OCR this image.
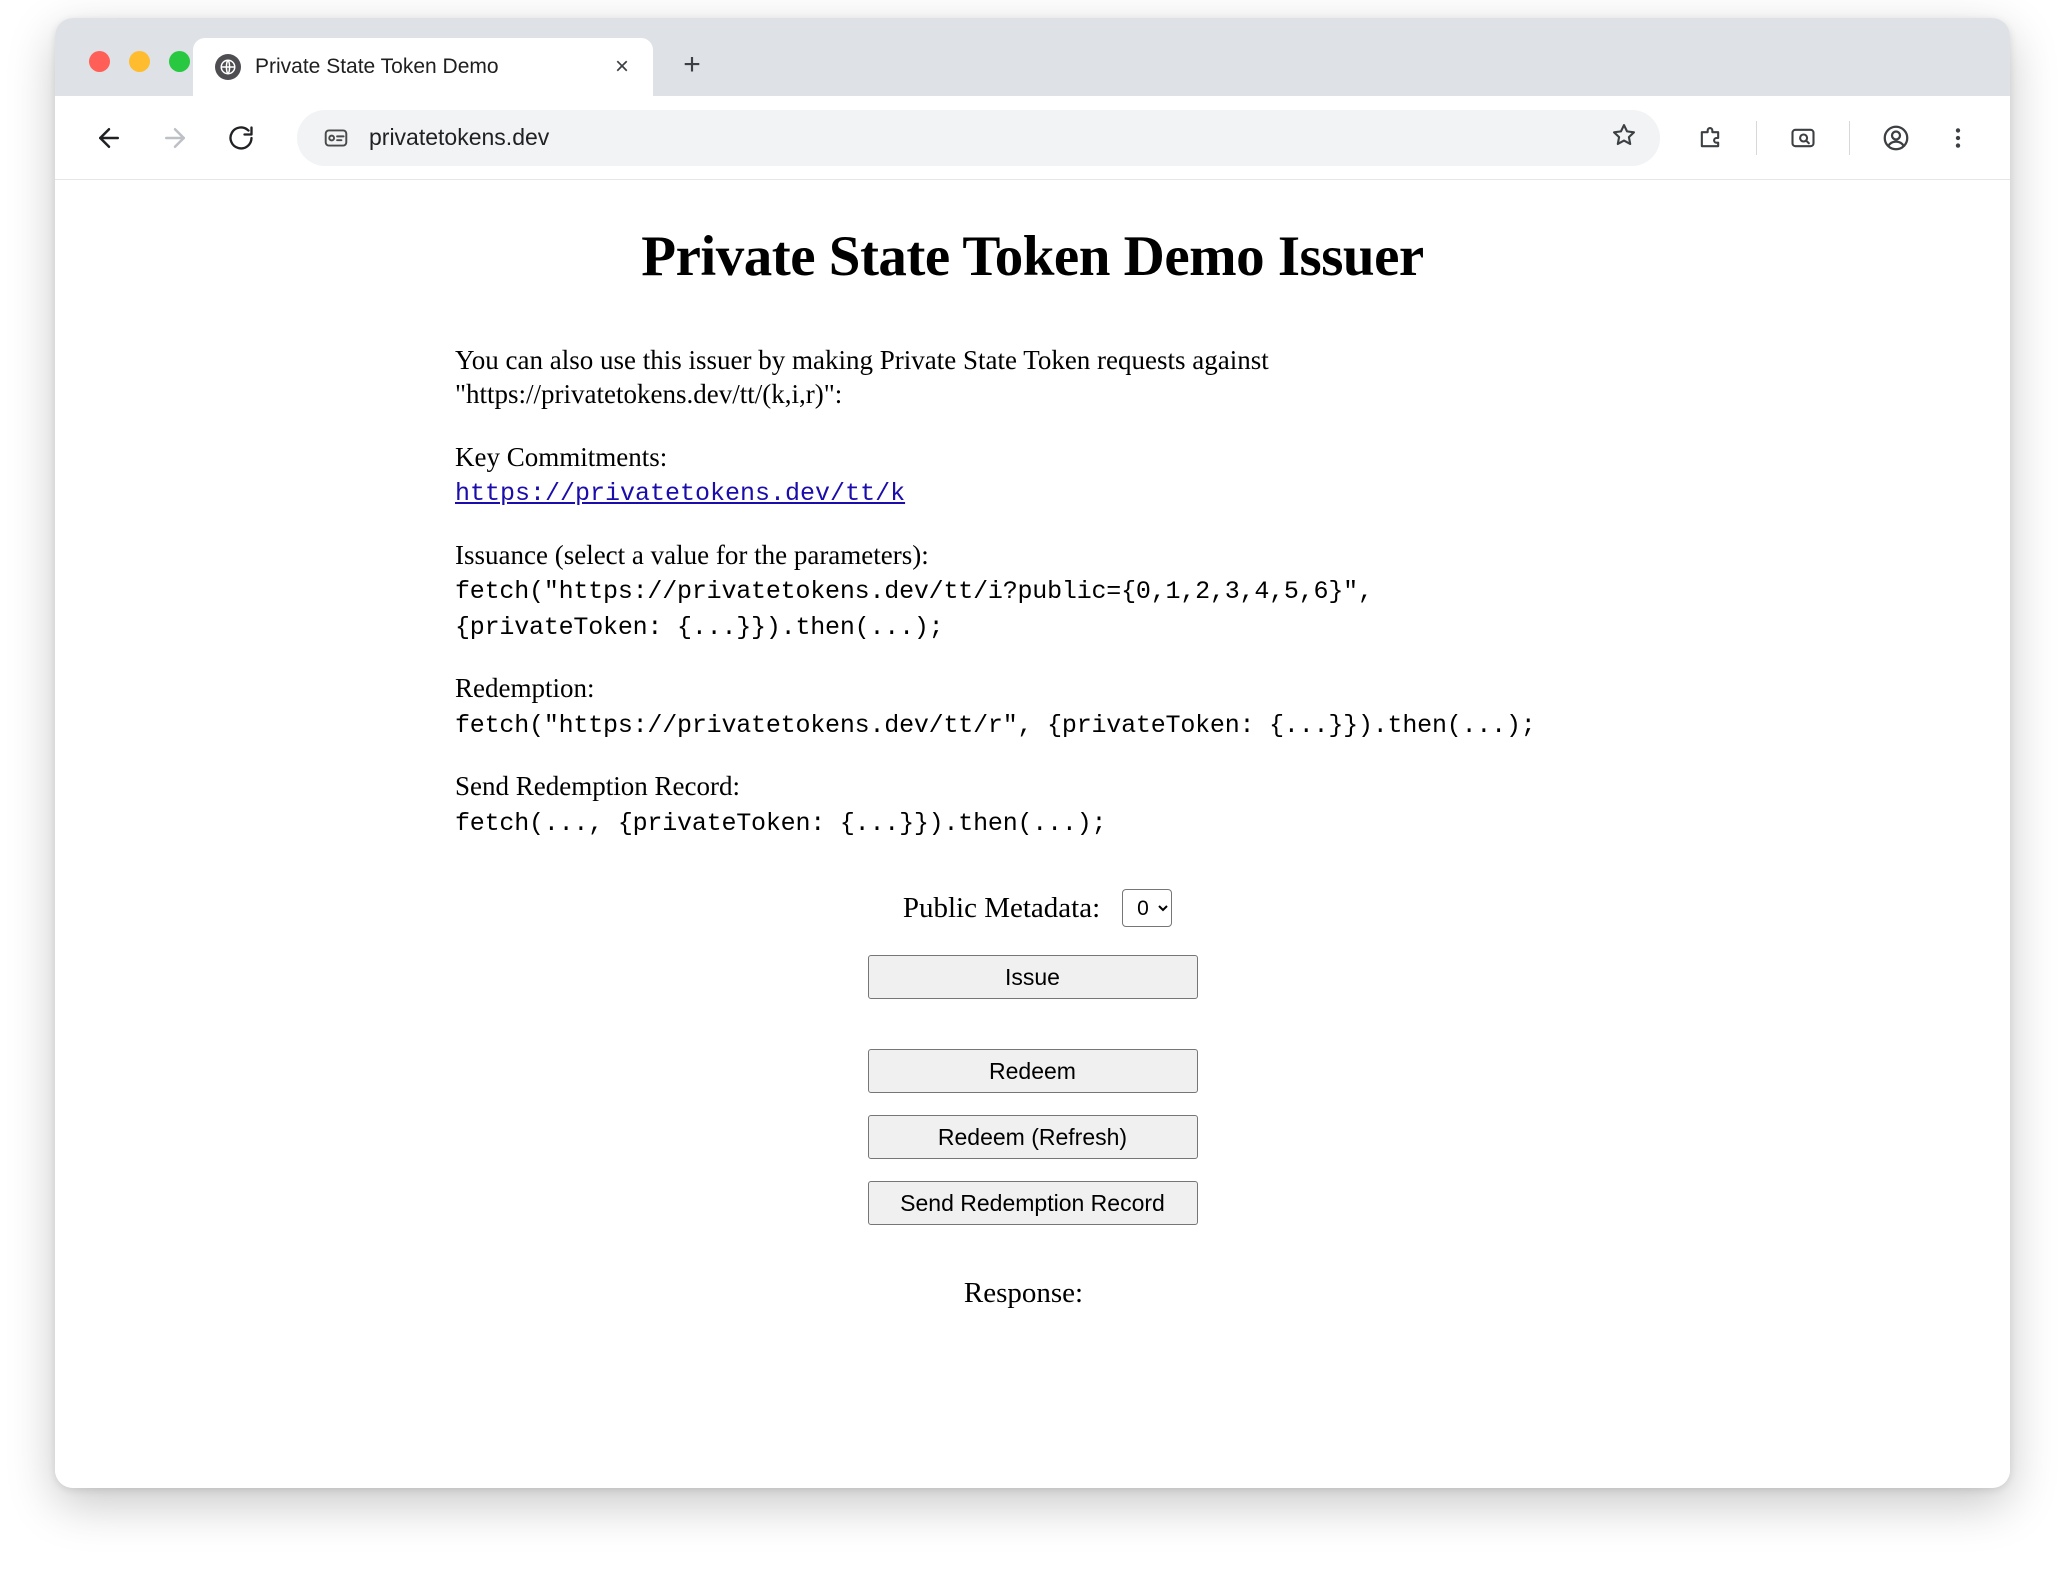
Private State Token Demo	×	+
privatetokens.dev
Private State Token Demo Issuer

You can also use this issuer by making Private State Token requests against
"https://privatetokens.dev/tt/(k,i,r)":

Key Commitments:
https://privatetokens.dev/tt/k

Issuance (select a value for the parameters):
fetch("https://privatetokens.dev/tt/i?public={0,1,2,3,4,5,6}",
{privateToken: {...}}).then(...);

Redemption:
fetch("https://privatetokens.dev/tt/r", {privateToken: {...}}).then(...);

Send Redemption Record:
fetch(..., {privateToken: {...}}).then(...);

Public Metadata:
0
Issue
Redeem
Redeem (Refresh)
Send Redemption Record
Response:
